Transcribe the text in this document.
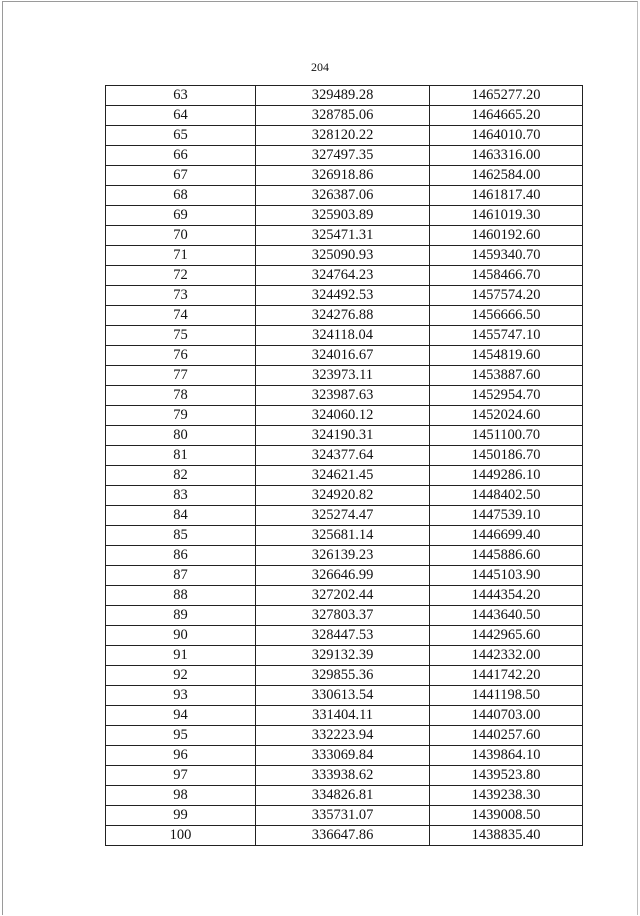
204
63	329489.28	1465277.20
64	328785.06	1464665.20
65	328120.22	1464010.70
66	327497.35	1463316.00
67	326918.86	1462584.00
68	326387.06	1461817.40
69	325903.89	1461019.30
70	325471.31	1460192.60
71	325090.93	1459340.70
72	324764.23	1458466.70
73	324492.53	1457574.20
74	324276.88	1456666.50
75	324118.04	1455747.10
76	324016.67	1454819.60
77	323973.11	1453887.60
78	323987.63	1452954.70
79	324060.12	1452024.60
80	324190.31	1451100.70
81	324377.64	1450186.70
82	324621.45	1449286.10
83	324920.82	1448402.50
84	325274.47	1447539.10
85	325681.14	1446699.40
86	326139.23	1445886.60
87	326646.99	1445103.90
88	327202.44	1444354.20
89	327803.37	1443640.50
90	328447.53	1442965.60
91	329132.39	1442332.00
92	329855.36	1441742.20
93	330613.54	1441198.50
94	331404.11	1440703.00
95	332223.94	1440257.60
96	333069.84	1439864.10
97	333938.62	1439523.80
98	334826.81	1439238.30
99	335731.07	1439008.50
100	336647.86	1438835.40
